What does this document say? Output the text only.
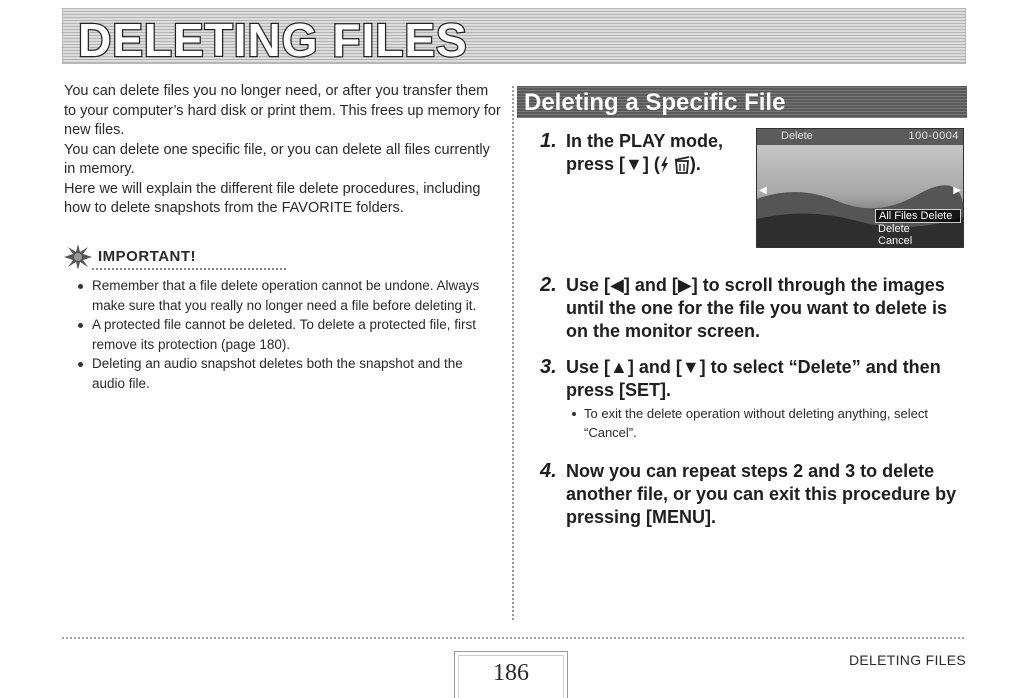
DELETING FILES

You can delete files you no longer need, or after you transfer them to your computer’s hard disk or print them. This frees up memory for new files.

You can delete one specific file, or you can delete all files currently in memory.

Here we will explain the different file delete procedures, including how to delete snapshots from the FAVORITE folders.

IMPORTANT!
Remember that a file delete operation cannot be undone. Always make sure that you really no longer need a file before deleting it.
A protected file cannot be deleted. To delete a protected file, first remove its protection (page 180).
Deleting an audio snapshot deletes both the snapshot and the audio file.
Deleting a Specific File
1. In the PLAY mode,
press [▼] ( ).
Delete	100-0004
◀	▶
All Files Delete
Delete
Cancel
2. Use [◀] and [▶] to scroll through the images until the one for the file you want to delete is on the monitor screen.
3. Use [▲] and [▼] to select “Delete” and then press [SET].
To exit the delete operation without deleting anything, select “Cancel”.
4. Now you can repeat steps 2 and 3 to delete another file, or you can exit this procedure by pressing [MENU].
186	DELETING FILES
